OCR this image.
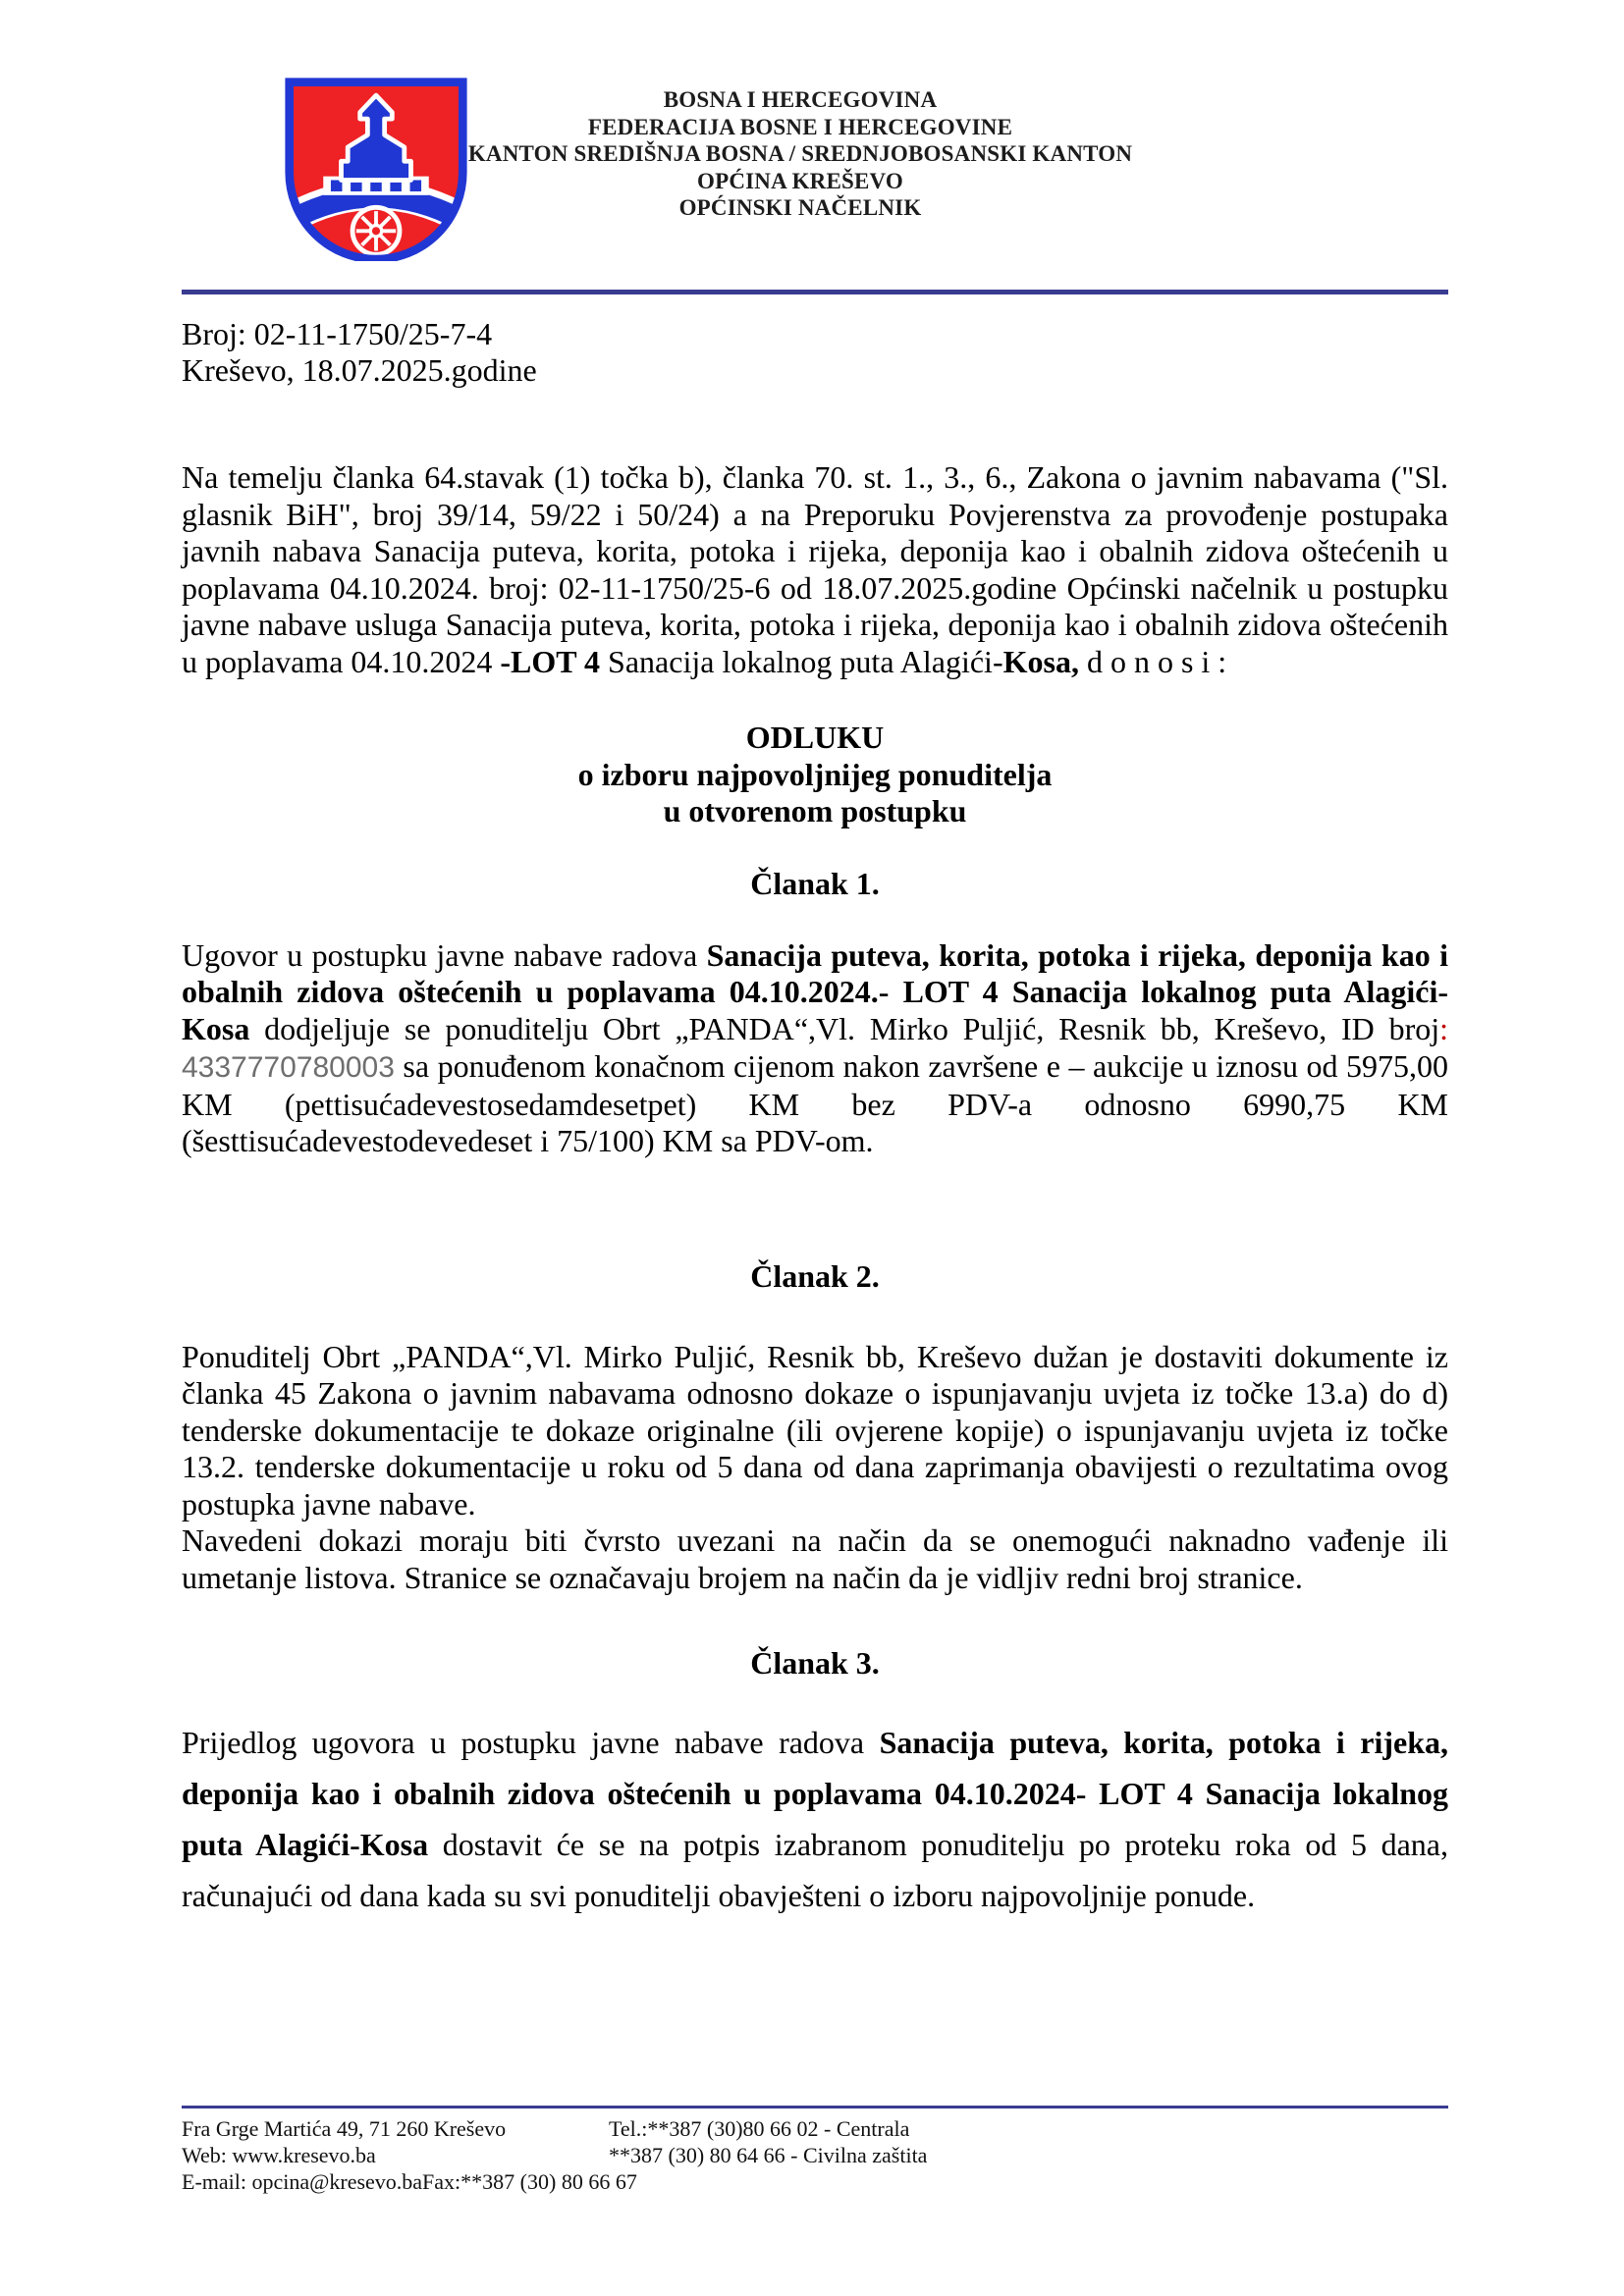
BOSNA I HERCEGOVINA
FEDERACIJA BOSNE I HERCEGOVINE
KANTON SREDIŠNJA BOSNA / SREDNJOBOSANSKI KANTON
OPĆINA KREŠEVO
OPĆINSKI NAČELNIK
Broj: 02-11-1750/25-7-4
Kreševo, 18.07.2025.godine

Na temelju članka 64.stavak (1) točka b), članka 70. st. 1., 3., 6., Zakona o javnim nabavama ("Sl. glasnik BiH", broj 39/14, 59/22 i 50/24) a na Preporuku Povjerenstva za provođenje postupaka javnih nabava Sanacija puteva, korita, potoka i rijeka, deponija kao i obalnih zidova oštećenih u poplavama 04.10.2024. broj: 02-11-1750/25-6 od 18.07.2025.godine Općinski načelnik u postupku javne nabave usluga Sanacija puteva, korita, potoka i rijeka, deponija kao i obalnih zidova oštećenih u poplavama 04.10.2024 -LOT 4 Sanacija lokalnog puta Alagići-Kosa, d o n o s i :

ODLUKU
o izboru najpovoljnijeg ponuditelja
u otvorenom postupku
Članak 1.

Ugovor u postupku javne nabave radova Sanacija puteva, korita, potoka i rijeka, deponija kao i obalnih zidova oštećenih u poplavama 04.10.2024.- LOT 4 Sanacija lokalnog puta Alagići-Kosa dodjeljuje se ponuditelju Obrt „PANDA“,Vl. Mirko Puljić, Resnik bb, Kreševo, ID broj: 4337770780003 sa ponuđenom konačnom cijenom nakon završene e – aukcije u iznosu od 5975,00 KM (pettisućadevestosedamdesetpet) KM bez PDV-a odnosno 6990,75 KM (šesttisućadevestodevedeset i 75/100) KM sa PDV-om.

Članak 2.

Ponuditelj Obrt „PANDA“,Vl. Mirko Puljić, Resnik bb, Kreševo dužan je dostaviti dokumente iz članka 45 Zakona o javnim nabavama odnosno dokaze o ispunjavanju uvjeta iz točke 13.a) do d) tenderske dokumentacije te dokaze originalne (ili ovjerene kopije) o ispunjavanju uvjeta iz točke 13.2. tenderske dokumentacije u roku od 5 dana od dana zaprimanja obavijesti o rezultatima ovog postupka javne nabave.

Navedeni dokazi moraju biti čvrsto uvezani na način da se onemogući naknadno vađenje ili umetanje listova. Stranice se označavaju brojem na način da je vidljiv redni broj stranice.

Članak 3.

Prijedlog ugovora u postupku javne nabave radova Sanacija puteva, korita, potoka i rijeka, deponija kao i obalnih zidova oštećenih u poplavama 04.10.2024- LOT 4 Sanacija lokalnog puta Alagići-Kosa dostavit će se na potpis izabranom ponuditelju po proteku roka od 5 dana, računajući od dana kada su svi ponuditelji obavješteni o izboru najpovoljnije ponude.

Fra Grge Martića 49, 71 260 Kreševo
Web: www.kresevo.ba
E-mail: opcina@kresevo.baFax:**387 (30) 80 66 67
Tel.:**387 (30)80 66 02 - Centrala
**387 (30) 80 64 66 - Civilna zaštita
